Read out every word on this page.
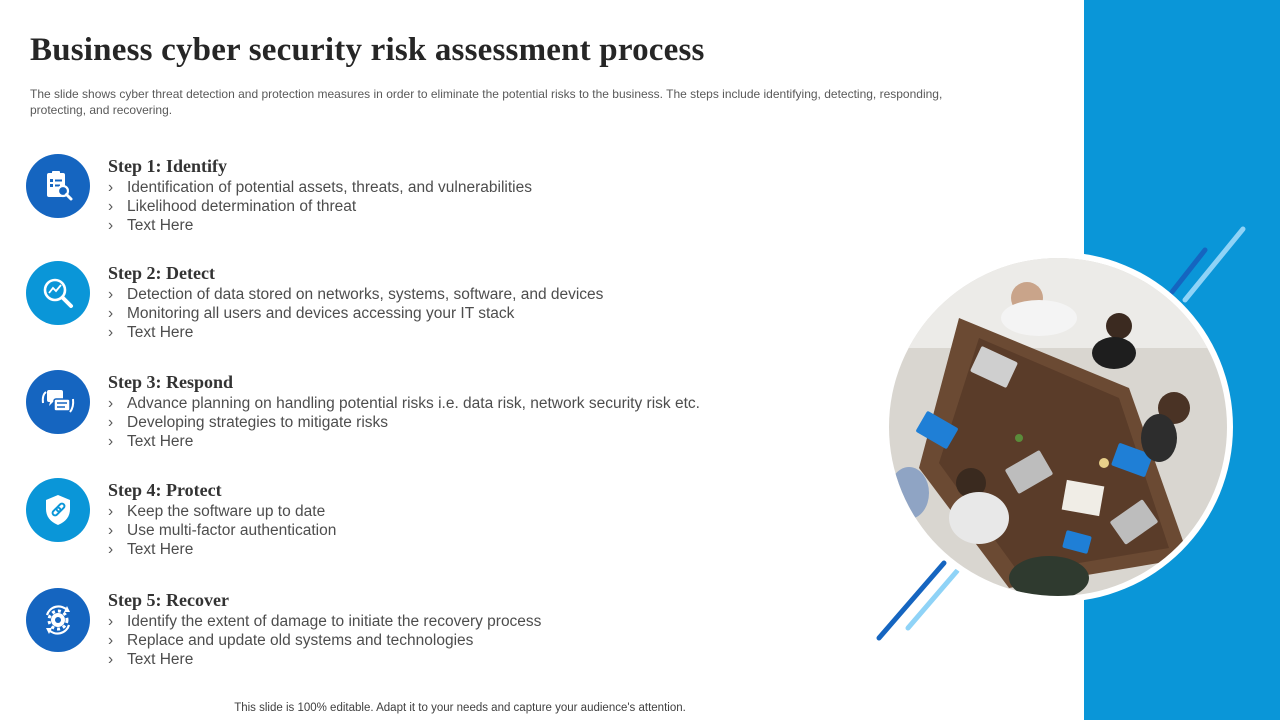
Business cyber security risk assessment process

The slide shows cyber threat detection and protection measures in order to eliminate the potential risks to the business. The steps include identifying, detecting, responding, protecting, and recovering.

Step 1: Identify
› Identification of potential assets, threats, and vulnerabilities
› Likelihood determination of threat
› Text Here
Step 2: Detect
› Detection of data stored on networks, systems, software, and devices
› Monitoring all users and devices accessing your IT stack
› Text Here
Step 3: Respond
› Advance planning on handling potential risks i.e. data risk, network security risk etc.
› Developing strategies to mitigate risks
› Text Here
Step 4: Protect
› Keep the software up to date
› Use multi-factor authentication
› Text Here
Step 5: Recover
› Identify the extent of damage to initiate the recovery process
› Replace and update old systems and technologies
› Text Here
This slide is 100% editable. Adapt it to your needs and capture your audience's attention.
